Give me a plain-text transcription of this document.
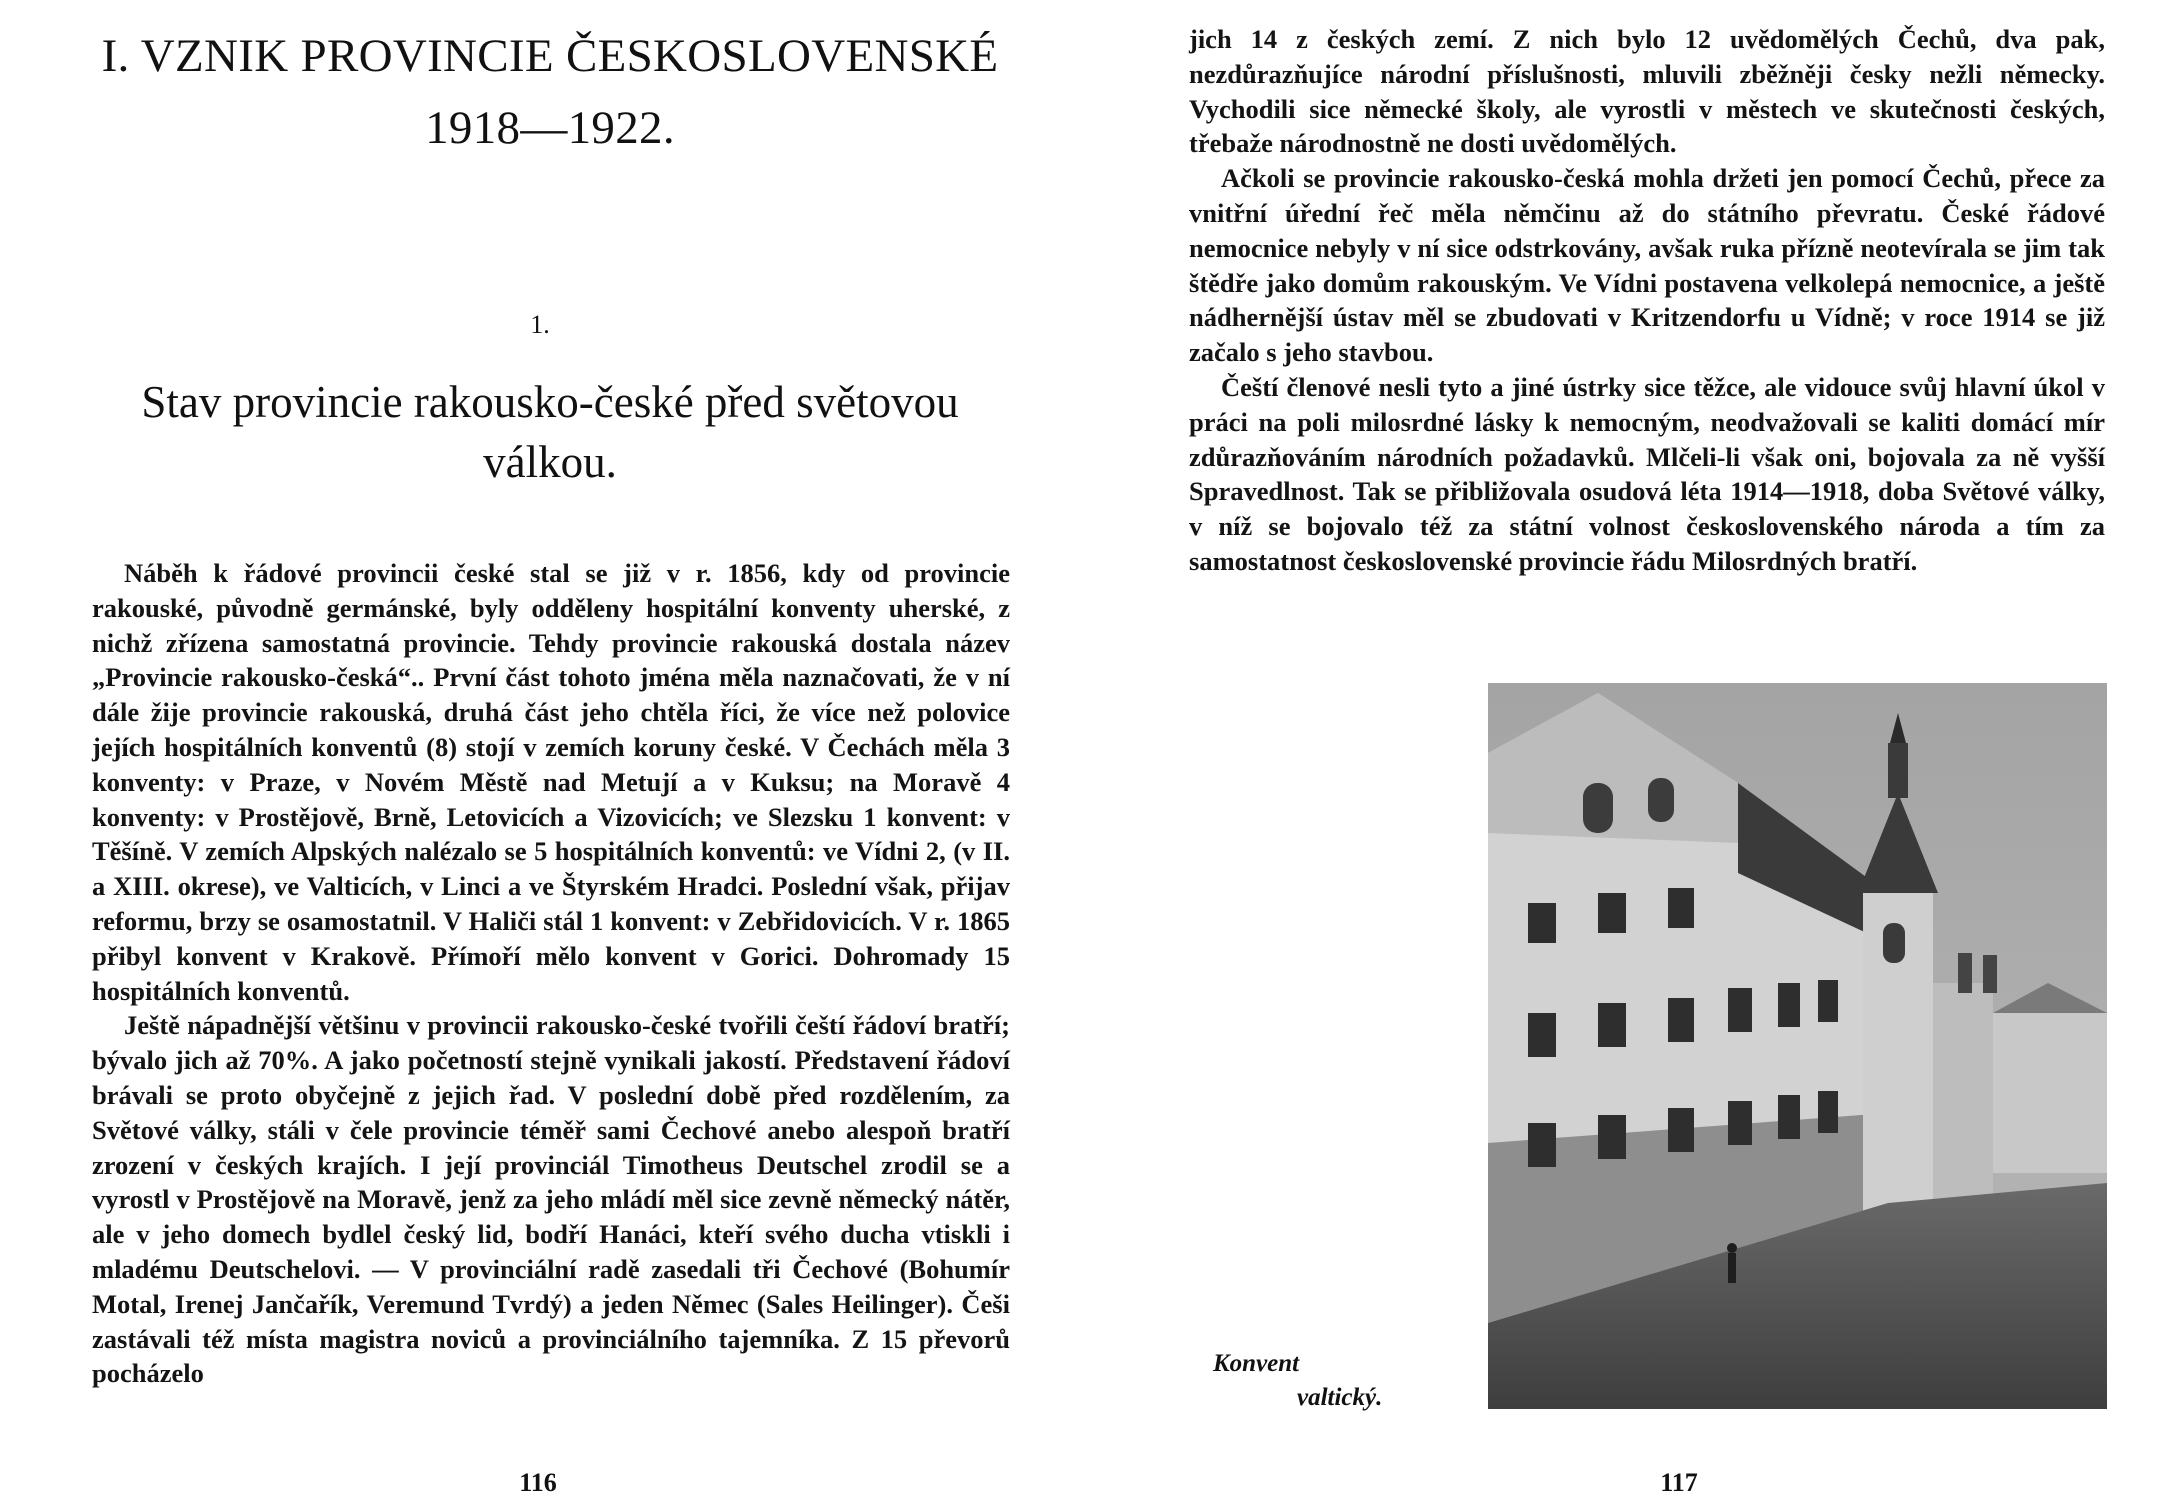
I. VZNIK PROVINCIE ČESKOSLOVENSKÉ
1918—1922.
1.
Stav provincie rakousko-české před světovou
válkou.

Náběh k řádové provincii české stal se již v r. 1856, kdy od provincie rakouské, původně germánské, byly odděleny hospitální konventy uherské, z nichž zřízena samostatná provincie. Tehdy provincie rakouská dostala název „Provincie rakousko-česká“.. První část tohoto jména měla naznačovati, že v ní dále žije provincie rakouská, druhá část jeho chtěla říci, že více než polovice jejích hospitálních konventů (8) stojí v zemích koruny české. V Čechách měla 3 konventy: v Praze, v Novém Městě nad Metují a v Kuksu; na Moravě 4 konventy: v Prostějově, Brně, Letovicích a Vizovicích; ve Slezsku 1 konvent: v Těšíně. V zemích Alpských nalézalo se 5 hospitálních konventů: ve Vídni 2, (v II. a XIII. okrese), ve Valticích, v Linci a ve Štyrském Hradci. Poslední však, přijav reformu, brzy se osamostatnil. V Haliči stál 1 konvent: v Zebřidovicích. V r. 1865 přibyl konvent v Krakově. Přímoří mělo konvent v Gorici. Dohromady 15 hospitálních konventů.

Ještě nápadnější většinu v provincii rakousko-české tvořili čeští řádoví bratří; bývalo jich až 70%. A jako početností stejně vynikali jakostí. Představení řádoví brávali se proto obyčejně z jejich řad. V poslední době před rozdělením, za Světové války, stáli v čele provincie téměř sami Čechové anebo alespoň bratří zrození v českých krajích. I její provinciál Timotheus Deutschel zrodil se a vyrostl v Prostějově na Moravě, jenž za jeho mládí měl sice zevně německý nátěr, ale v jeho domech bydlel český lid, bodří Hanáci, kteří svého ducha vtiskli i mladému Deutschelovi. — V provinciální radě zasedali tři Čechové (Bohumír Motal, Irenej Jančařík, Veremund Tvrdý) a jeden Němec (Sales Heilinger). Češi zastávali též místa magistra noviců a provinciálního tajemníka. Z 15 převorů pocházelo

116

jich 14 z českých zemí. Z nich bylo 12 uvědomělých Čechů, dva pak, nezdůrazňujíce národní příslušnosti, mluvili zběžněji česky nežli německy. Vychodili sice německé školy, ale vyrostli v městech ve skutečnosti českých, třebaže národnostně ne dosti uvědomělých.

Ačkoli se provincie rakousko-česká mohla držeti jen pomocí Čechů, přece za vnitřní úřední řeč měla němčinu až do státního převratu. České řádové nemocnice nebyly v ní sice odstrkovány, avšak ruka přízně neotevírala se jim tak štědře jako domům rakouským. Ve Vídni postavena velkolepá nemocnice, a ještě nádhernější ústav měl se zbudovati v Kritzendorfu u Vídně; v roce 1914 se již začalo s jeho stavbou.

Čeští členové nesli tyto a jiné ústrky sice těžce, ale vidouce svůj hlavní úkol v práci na poli milosrdné lásky k nemocným, neodvažovali se kaliti domácí mír zdůrazňováním národních požadavků. Mlčeli-li však oni, bojovala za ně vyšší Spravedlnost. Tak se přibližovala osudová léta 1914—1918, doba Světové války, v níž se bojovalo též za státní volnost československého národa a tím za samostatnost československé provincie řádu Milosrdných bratří.

Konvent
valtický.
117
